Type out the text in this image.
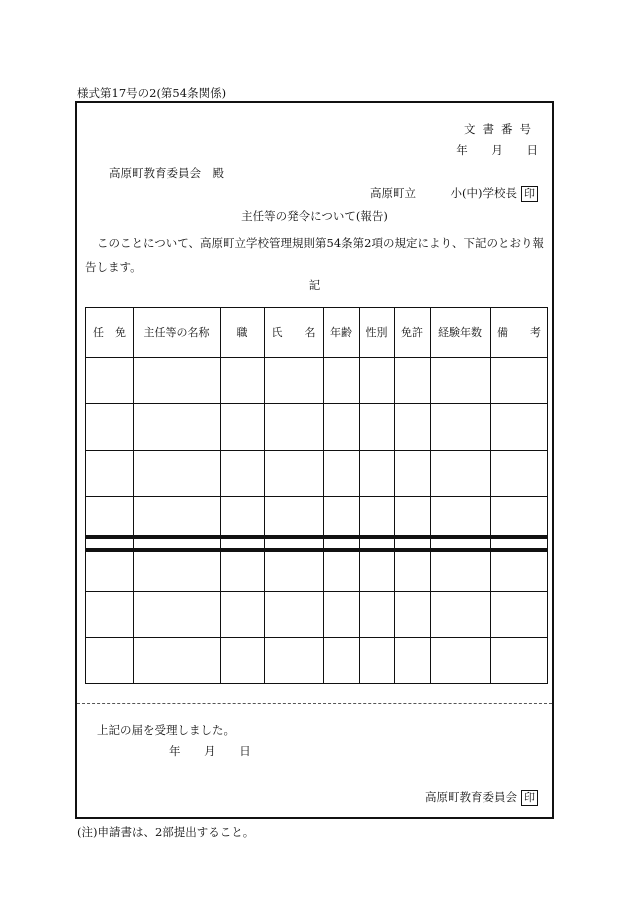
様式第17号の2(第54条関係)
文書番号
年 月 日
高原町教育委員会　殿
高原町立　　　小(中)学校長 印
主任等の発令について(報告)
このことについて、高原町立学校管理規則第54条第2項の規定により、下記のとおり報告します。
記
任　免	主任等の名称	職	氏　　名	年齢	性別	免許	経験年数	備　　考
上記の届を受理しました。
年 月 日
高原町教育委員会 印
(注)申請書は、2部提出すること。
